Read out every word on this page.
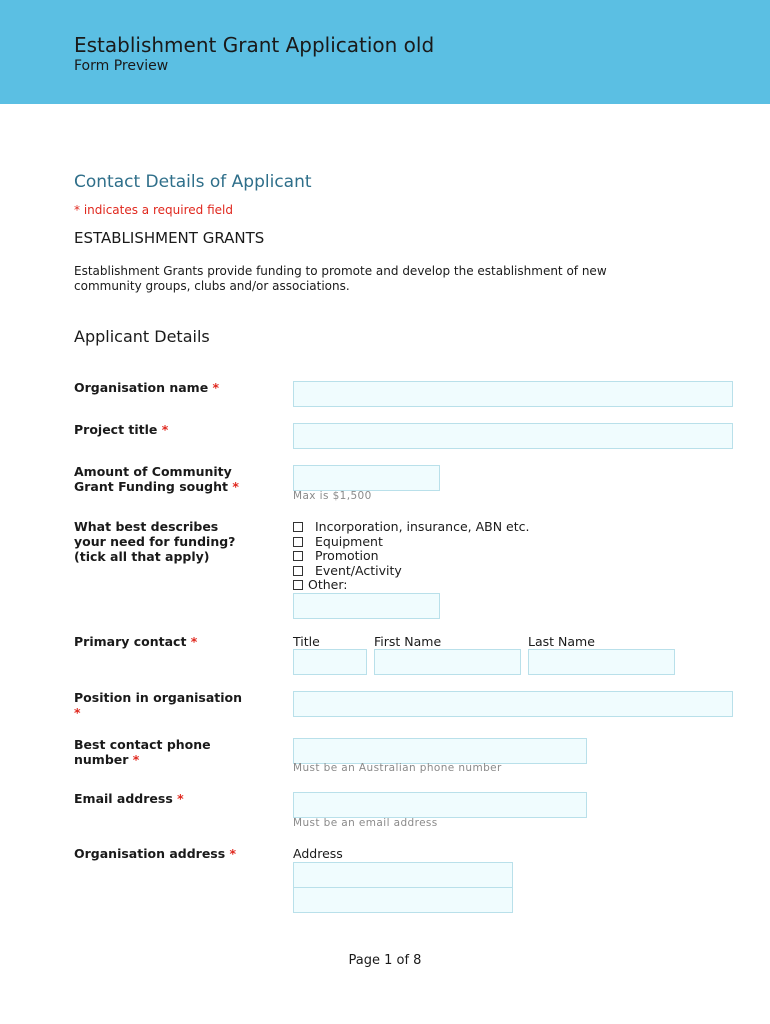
Establishment Grant Application old
Form Preview
Contact Details of Applicant
* indicates a required field
ESTABLISHMENT GRANTS
Establishment Grants provide funding to promote and develop the establishment of new community groups, clubs and/or associations.
Applicant Details
Organisation name *
Project title *
Amount of Community
Grant Funding sought *
Max is $1,500
What best describes
your need for funding?
(tick all that apply)
Incorporation, insurance, ABN etc.
Equipment
Promotion
Event/Activity
Other:
Primary contact *	Title	First Name	Last Name
Position in organisation
*
Best contact phone
number *
Must be an Australian phone number
Email address *
Must be an email address
Organisation address *	Address
Page 1 of 8
